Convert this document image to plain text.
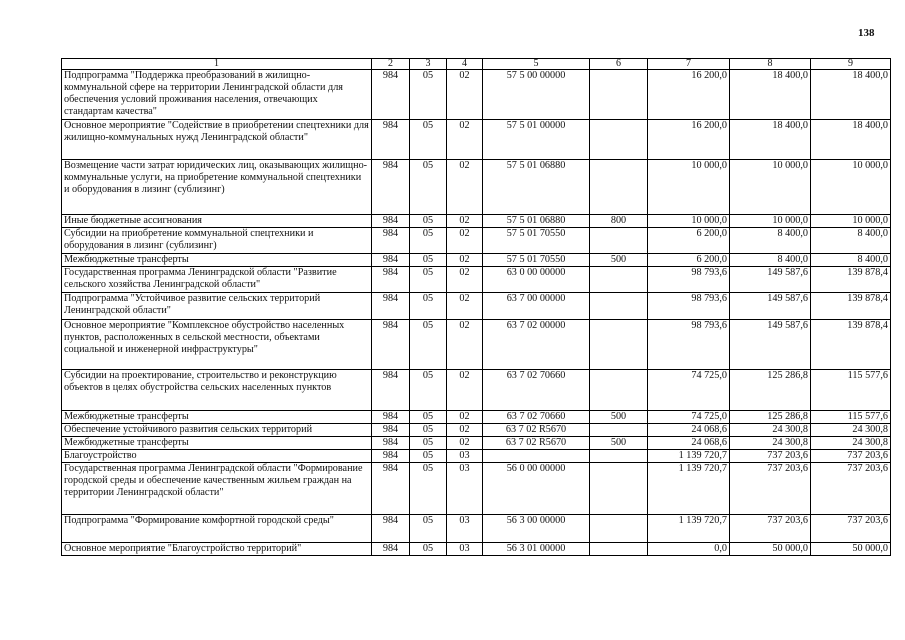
138
1	2	3	4	5	6	7	8	9
Подпрограмма "Поддержка преобразований в жилищно-коммунальной сфере на территории Ленинградской области для обеспечения условий проживания населения, отвечающих стандартам качества"	984	05	02	57 5 00 00000		16 200,0	18 400,0	18 400,0
Основное мероприятие "Содействие в приобретении спецтехники для жилищно-коммунальных нужд Ленинградской области"	984	05	02	57 5 01 00000		16 200,0	18 400,0	18 400,0
Возмещение части затрат юридических лиц, оказывающих жилищно-коммунальные услуги, на приобретение коммунальной спецтехники и оборудования в лизинг (сублизинг)	984	05	02	57 5 01 06880		10 000,0	10 000,0	10 000,0
Иные бюджетные ассигнования	984	05	02	57 5 01 06880	800	10 000,0	10 000,0	10 000,0
Субсидии на приобретение коммунальной спецтехники и оборудования в лизинг (сублизинг)	984	05	02	57 5 01 70550		6 200,0	8 400,0	8 400,0
Межбюджетные трансферты	984	05	02	57 5 01 70550	500	6 200,0	8 400,0	8 400,0
Государственная программа Ленинградской области "Развитие сельского хозяйства Ленинградской области"	984	05	02	63 0 00 00000		98 793,6	149 587,6	139 878,4
Подпрограмма "Устойчивое развитие сельских территорий Ленинградской области"	984	05	02	63 7 00 00000		98 793,6	149 587,6	139 878,4
Основное мероприятие "Комплексное обустройство населенных пунктов, расположенных в сельской местности, объектами социальной и инженерной инфраструктуры"	984	05	02	63 7 02 00000		98 793,6	149 587,6	139 878,4
Субсидии на проектирование, строительство и реконструкцию объектов в целях обустройства сельских населенных пунктов	984	05	02	63 7 02 70660		74 725,0	125 286,8	115 577,6
Межбюджетные трансферты	984	05	02	63 7 02 70660	500	74 725,0	125 286,8	115 577,6
Обеспечение устойчивого развития сельских территорий	984	05	02	63 7 02 R5670		24 068,6	24 300,8	24 300,8
Межбюджетные трансферты	984	05	02	63 7 02 R5670	500	24 068,6	24 300,8	24 300,8
Благоустройство	984	05	03			1 139 720,7	737 203,6	737 203,6
Государственная программа Ленинградской области "Формирование городской среды и обеспечение качественным жильем граждан на территории Ленинградской области"	984	05	03	56 0 00 00000		1 139 720,7	737 203,6	737 203,6
Подпрограмма "Формирование комфортной городской среды"	984	05	03	56 3 00 00000		1 139 720,7	737 203,6	737 203,6
Основное мероприятие "Благоустройство территорий"	984	05	03	56 3 01 00000		0,0	50 000,0	50 000,0
